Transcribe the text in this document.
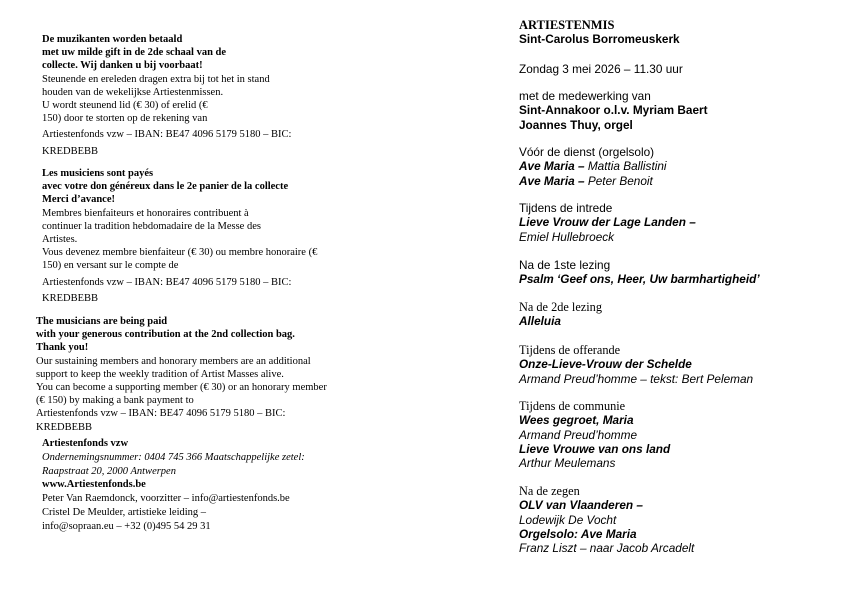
De muzikanten worden betaald
met uw milde gift in de 2de schaal van de
collecte. Wij danken u bij voorbaat!
Steunende en ereleden dragen extra bij tot het in stand
houden van de wekelijkse Artiestenmissen.
U wordt steunend lid (€ 30) of erelid (€
150) door te storten op de rekening van
Artiestenfonds vzw – IBAN: BE47 4096 5179 5180 – BIC:
KREDBEBB
Les musiciens sont payés
avec votre don généreux dans le 2e panier de la collecte
Merci d’avance!
Membres bienfaiteurs et honoraires contribuent à
continuer la tradition hebdomadaire de la Messe des
Artistes.
Vous devenez membre bienfaiteur (€ 30) ou membre honoraire (€
150) en versant sur le compte de
Artiestenfonds vzw – IBAN: BE47 4096 5179 5180 – BIC:
KREDBEBB
The musicians are being paid
with your generous contribution at the 2nd collection bag.
Thank you!
Our sustaining members and honorary members are an additional
support to keep the weekly tradition of Artist Masses alive.
You can become a supporting member (€ 30) or an honorary member
(€ 150) by making a bank payment to
Artiestenfonds vzw – IBAN: BE47 4096 5179 5180 – BIC:
KREDBEBB
Artiestenfonds vzw
Ondernemingsnummer: 0404 745 366 Maatschappelijke zetel:
Raapstraat 20, 2000 Antwerpen
www.Artiestenfonds.be
Peter Van Raemdonck, voorzitter – info@artiestenfonds.be
Cristel De Meulder, artistieke leiding –
info@sopraan.eu – +32 (0)495 54 29 31
ARTIESTENMIS
Sint-Carolus Borromeuskerk
Zondag 3 mei 2026 – 11.30 uur
met de medewerking van
Sint-Annakoor o.l.v. Myriam Baert
Joannes Thuy, orgel
Vóór de dienst (orgelsolo)
Ave Maria – Mattia Ballistini
Ave Maria – Peter Benoit
Tijdens de intrede
Lieve Vrouw der Lage Landen –
Emiel Hullebroeck
Na de 1ste lezing
Psalm ‘Geef ons, Heer, Uw barmhartigheid’
Na de 2de lezing
Alleluia
Tijdens de offerande
Onze-Lieve-Vrouw der Schelde
Armand Preud’homme – tekst: Bert Peleman
Tijdens de communie
Wees gegroet, Maria
Armand Preud’homme
Lieve Vrouwe van ons land
Arthur Meulemans
Na de zegen
OLV van Vlaanderen –
Lodewijk De Vocht
Orgelsolo: Ave Maria
Franz Liszt – naar Jacob Arcadelt
